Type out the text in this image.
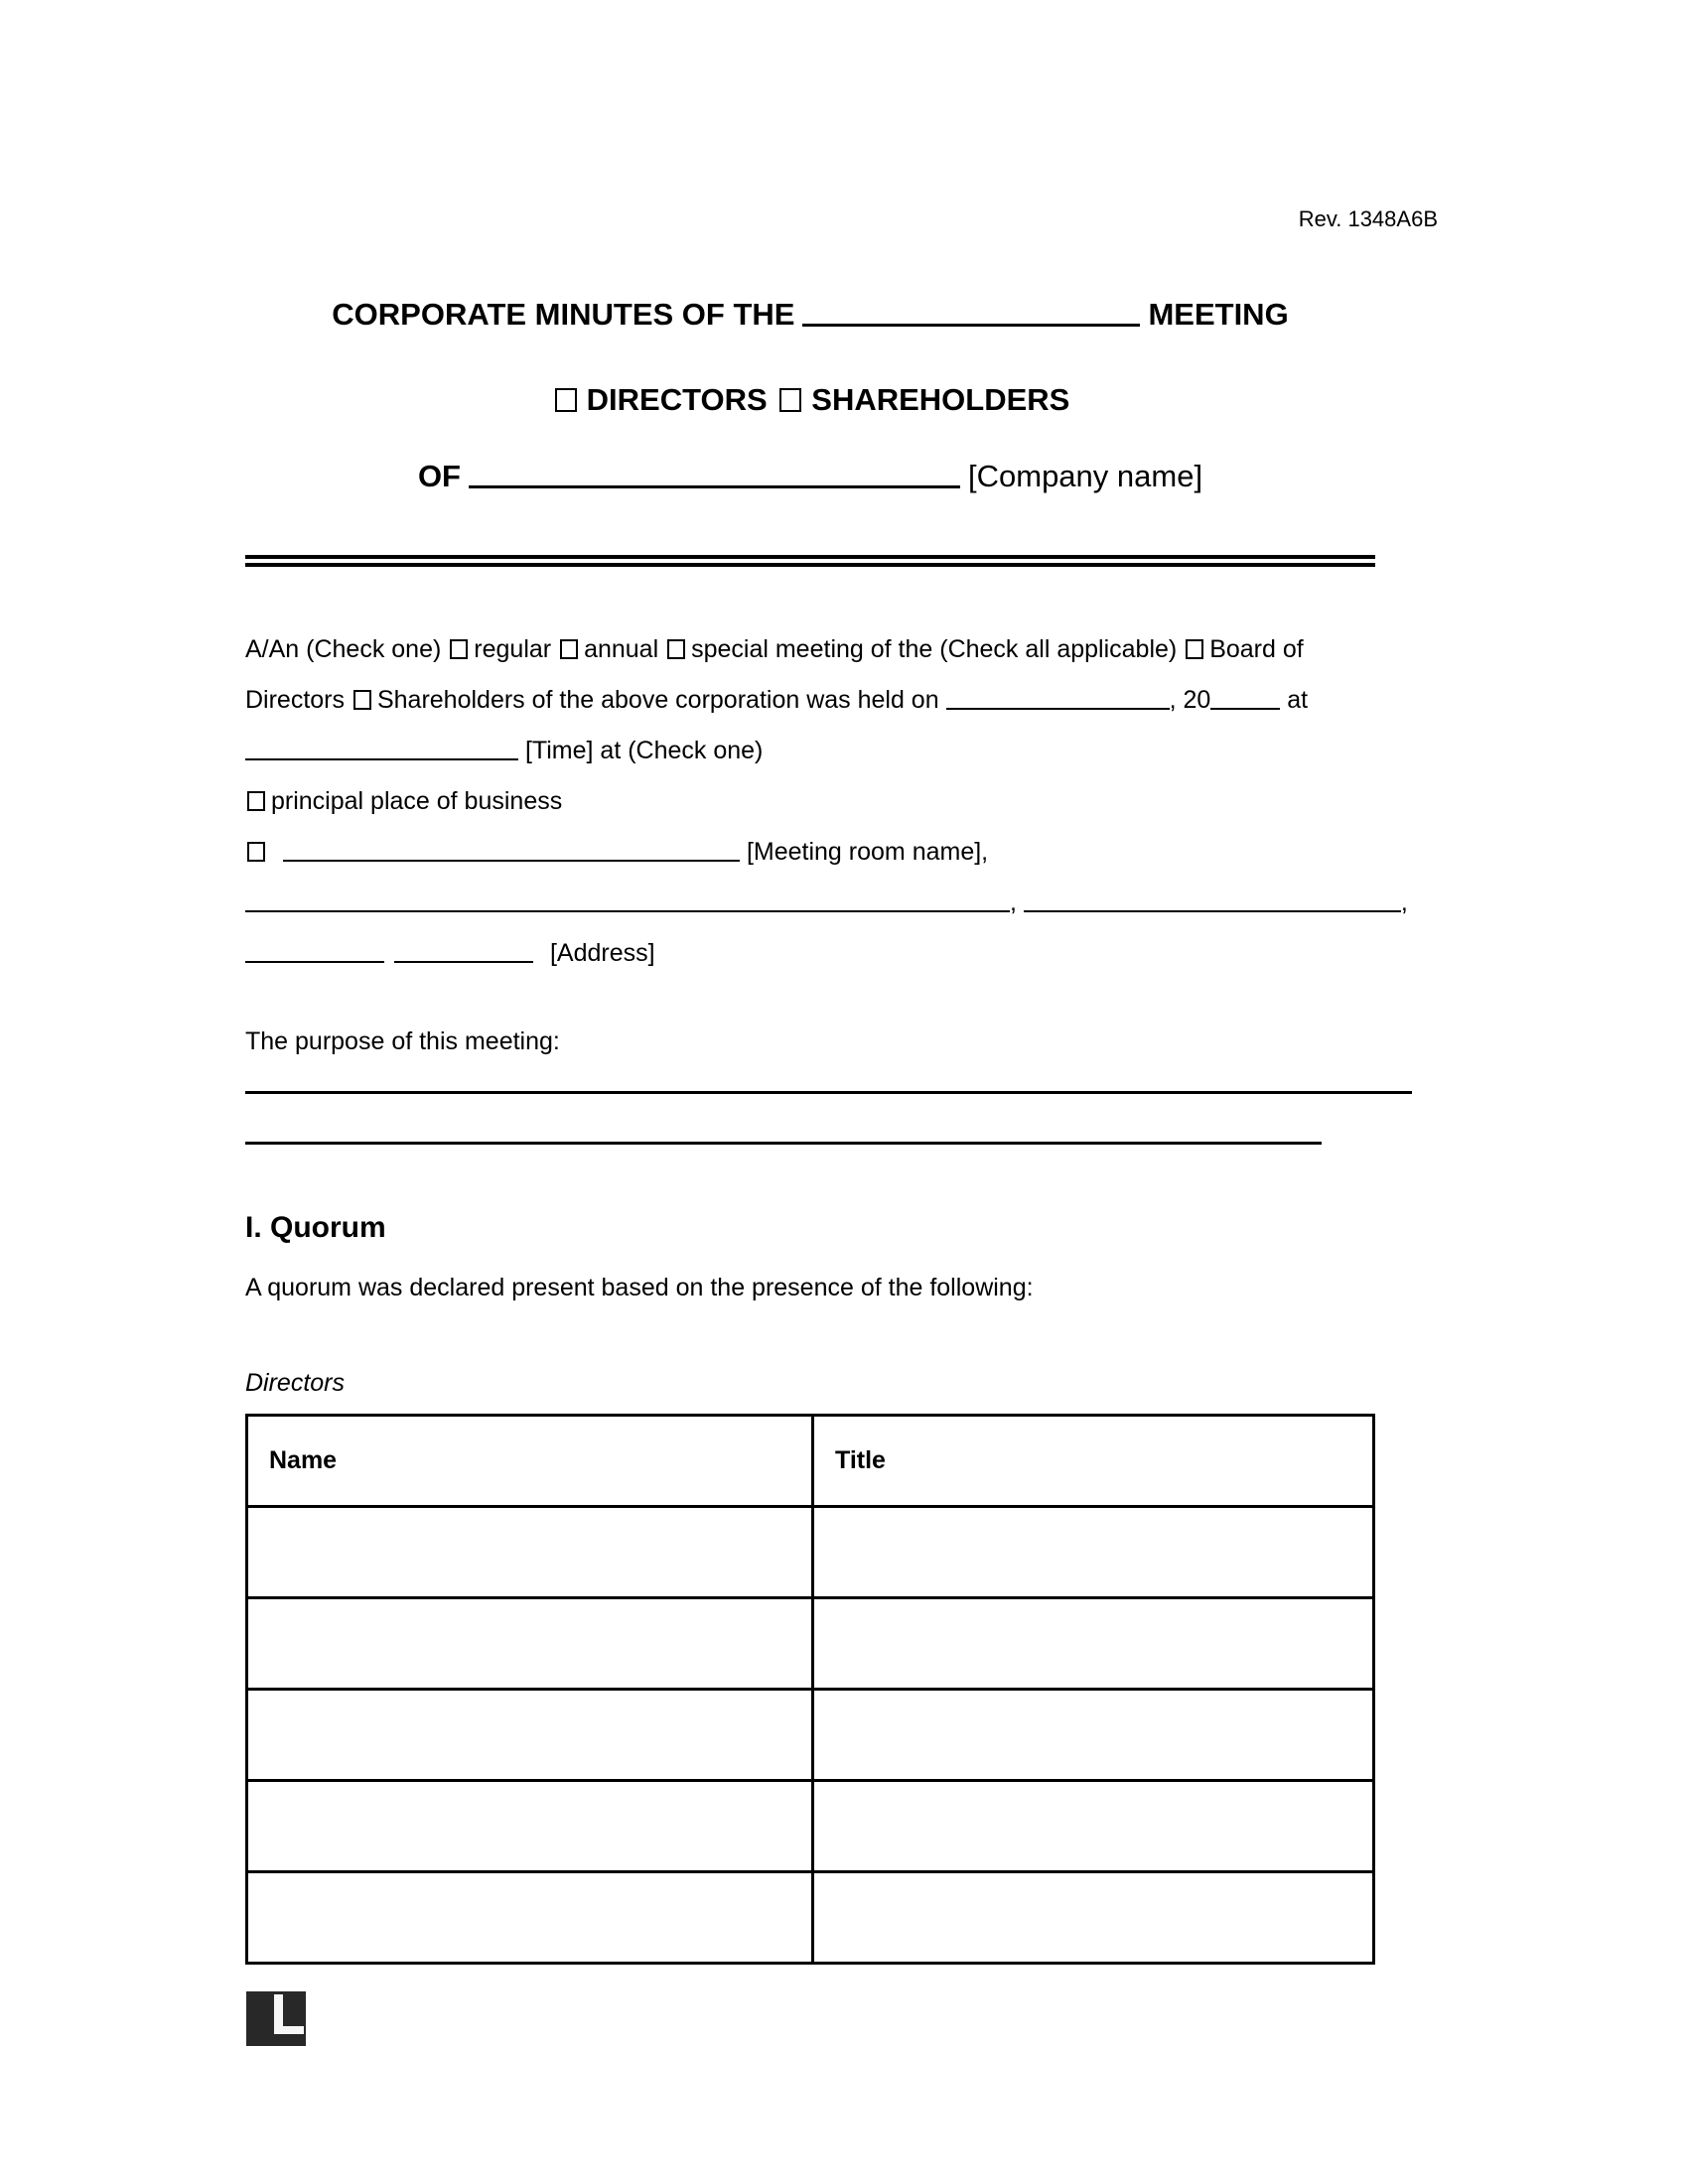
Rev. 1348A6B
CORPORATE MINUTES OF THE	MEETING
DIRECTORS SHAREHOLDERS
OF	[Company name]
A/An (Check one) regular annual special meeting of the (Check all applicable) Board of
Directors Shareholders of the above corporation was held on	, 20	at
[Time] at (Check one)
principal place of business
[Meeting room name],
,	,
[Address]
The purpose of this meeting:
I. Quorum
A quorum was declared present based on the presence of the following:
Directors
Name	Title
